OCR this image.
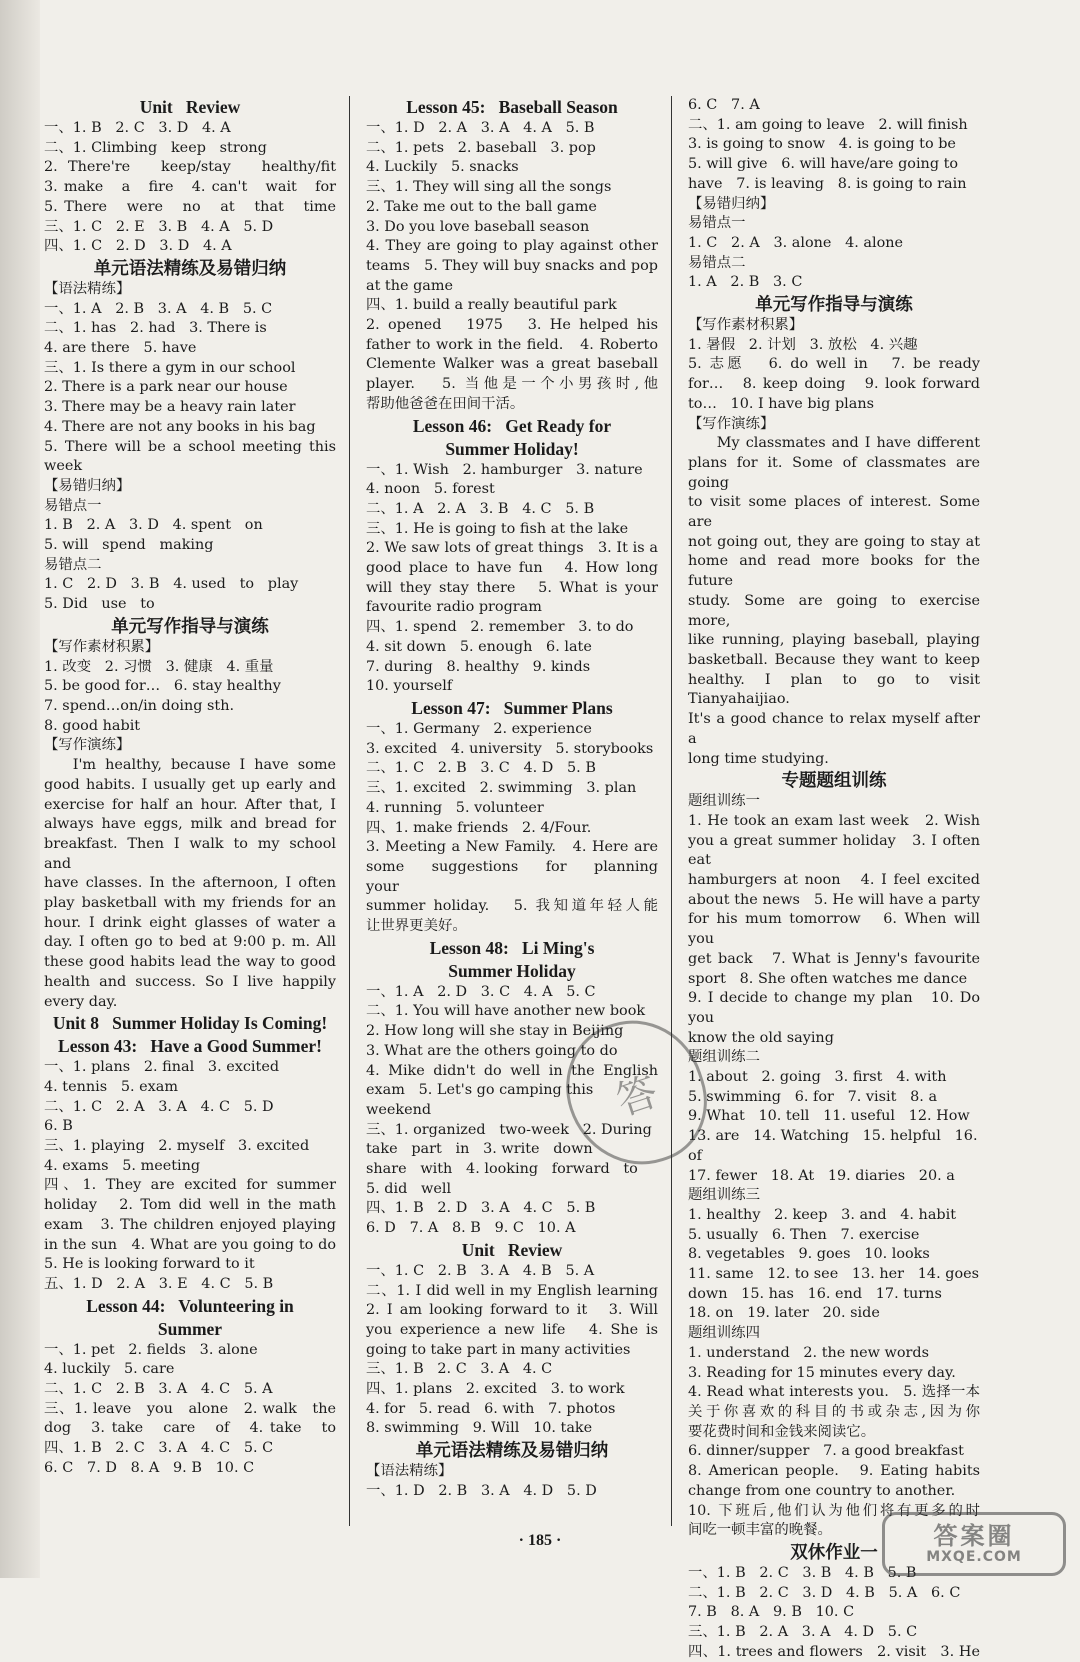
Unit   Review
一、1. B   2. C   3. D   4. A
二、1. Climbing   keep   strong
2. There're   keep/stay   healthy/fit
3. make   a   fire   4. can't   wait   for
5. There   were   no   at   that   time
三、1. C   2. E   3. B   4. A   5. D
四、1. C   2. D   3. D   4. A
单元语法精练及易错归纳
【语法精练】
一、1. A   2. B   3. A   4. B   5. C
二、1. has   2. had   3. There is
4. are there   5. have
三、1. Is there a gym in our school
2. There is a park near our house
3. There may be a heavy rain later
4. There are not any books in his bag
5. There will be a school meeting this
week
【易错归纳】
易错点一
1. B   2. A   3. D   4. spent   on
5. will   spend   making
易错点二
1. C   2. D   3. B   4. used   to   play
5. Did   use   to
单元写作指导与演练
【写作素材积累】
1. 改变   2. 习惯   3. 健康   4. 重量
5. be good for…   6. stay healthy
7. spend…on/in doing sth.
8. good habit
【写作演练】
I'm healthy, because I have some
good habits. I usually get up early and
exercise for half an hour. After that, I
always have eggs, milk and bread for
breakfast. Then I walk to my school and
have classes. In the afternoon, I often
play basketball with my friends for an
hour. I drink eight glasses of water a
day. I often go to bed at 9:00 p. m. All
these good habits lead the way to good
health and success. So I live happily
every day.
Unit 8   Summer Holiday Is Coming!
Lesson 43:   Have a Good Summer!
一、1. plans   2. final   3. excited
4. tennis   5. exam
二、1. C   2. A   3. A   4. C   5. D
6. B
三、1. playing   2. myself   3. excited
4. exams   5. meeting
四、1. They are excited for summer
holiday   2. Tom did well in the math
exam   3. The children enjoyed playing
in the sun   4. What are you going to do
5. He is looking forward to it
五、1. D   2. A   3. E   4. C   5. B
Lesson 44:   Volunteering in
Summer
一、1. pet   2. fields   3. alone
4. luckily   5. care
二、1. C   2. B   3. A   4. C   5. A
三、1. leave   you   alone   2. walk   the
dog   3. take   care   of   4. take   to
四、1. B   2. C   3. A   4. C   5. C
6. C   7. D   8. A   9. B   10. C
Lesson 45:   Baseball Season
一、1. D   2. A   3. A   4. A   5. B
二、1. pets   2. baseball   3. pop
4. Luckily   5. snacks
三、1. They will sing all the songs
2. Take me out to the ball game
3. Do you love baseball season
4. They are going to play against other
teams   5. They will buy snacks and pop
at the game
四、1. build a really beautiful park
2. opened   1975   3. He helped his
father to work in the field.   4. Roberto
Clemente Walker was a great baseball
player.   5. 当他是一个小男孩时,他
帮助他爸爸在田间干活。
Lesson 46:   Get Ready for
Summer Holiday!
一、1. Wish   2. hamburger   3. nature
4. noon   5. forest
二、1. A   2. A   3. B   4. C   5. B
三、1. He is going to fish at the lake
2. We saw lots of great things   3. It is a
good place to have fun   4. How long
will they stay there   5. What is your
favourite radio program
四、1. spend   2. remember   3. to do
4. sit down   5. enough   6. late
7. during   8. healthy   9. kinds
10. yourself
Lesson 47:   Summer Plans
一、1. Germany   2. experience
3. excited   4. university   5. storybooks
二、1. C   2. B   3. C   4. D   5. B
三、1. excited   2. swimming   3. plan
4. running   5. volunteer
四、1. make friends   2. 4/Four.
3. Meeting a New Family.   4. Here are
some   suggestions   for   planning   your
summer holiday.   5. 我知道年轻人能
让世界更美好。
Lesson 48:   Li Ming's
Summer Holiday
一、1. A   2. D   3. C   4. A   5. C
二、1. You will have another new book
2. How long will she stay in Beijing
3. What are the others going to do
4. Mike didn't do well in the English
exam   5. Let's go camping this weekend
三、1. organized   two-week   2. During
take   part   in   3. write   down
share   with   4. looking   forward   to
5. did   well
四、1. B   2. D   3. A   4. C   5. B
6. D   7. A   8. B   9. C   10. A
Unit   Review
一、1. C   2. B   3. A   4. B   5. A
二、1. I did well in my English learning
2. I am looking forward to it   3. Will
you experience a new life   4. She is
going to take part in many activities
三、1. B   2. C   3. A   4. C
四、1. plans   2. excited   3. to work
4. for   5. read   6. with   7. photos
8. swimming   9. Will   10. take
单元语法精练及易错归纳
【语法精练】
一、1. D   2. B   3. A   4. D   5. D
6. C   7. A
二、1. am going to leave   2. will finish
3. is going to snow   4. is going to be
5. will give   6. will have/are going to
have   7. is leaving   8. is going to rain
【易错归纳】
易错点一
1. C   2. A   3. alone   4. alone
易错点二
1. A   2. B   3. C
单元写作指导与演练
【写作素材积累】
1. 暑假   2. 计划   3. 放松   4. 兴趣
5. 志愿   6. do well in   7. be ready
for…   8. keep doing   9. look forward
to…   10. I have big plans
【写作演练】
My classmates and I have different
plans for it. Some of classmates are going
to visit some places of interest. Some are
not going out, they are going to stay at
home and read more books for the future
study. Some are going to exercise more,
like running, playing baseball, playing
basketball. Because they want to keep
healthy. I plan to go to visit Tianyahaijiao.
It's a good chance to relax myself after a
long time studying.
专题题组训练
题组训练一
1. He took an exam last week   2. Wish
you a great summer holiday   3. I often eat
hamburgers at noon   4. I feel excited
about the news   5. He will have a party
for his mum tomorrow   6. When will you
get back   7. What is Jenny's favourite
sport   8. She often watches me dance
9. I decide to change my plan   10. Do you
know the old saying
题组训练二
1. about   2. going   3. first   4. with
5. swimming   6. for   7. visit   8. a
9. What   10. tell   11. useful   12. How
13. are   14. Watching   15. helpful   16. of
17. fewer   18. At   19. diaries   20. a
题组训练三
1. healthy   2. keep   3. and   4. habit
5. usually   6. Then   7. exercise
8. vegetables   9. goes   10. looks
11. same   12. to see   13. her   14. goes
down   15. has   16. end   17. turns
18. on   19. later   20. side
题组训练四
1. understand   2. the new words
3. Reading for 15 minutes every day.
4. Read what interests you.   5. 选择一本
关于你喜欢的科目的书或杂志,因为你
要花费时间和金钱来阅读它。
6. dinner/supper   7. a good breakfast
8. American people.   9. Eating habits
change from one country to another.
10. 下班后,他们认为他们将有更多的时
间吃一顿丰富的晚餐。
双休作业一
一、1. B   2. C   3. B   4. B   5. B
二、1. B   2. C   3. D   4. B   5. A   6. C
7. B   8. A   9. B   10. C
三、1. B   2. A   3. A   4. D   5. C
四、1. trees and flowers   2. visit   3. He
· 185 ·
答
答案圈
MXQE.COM
